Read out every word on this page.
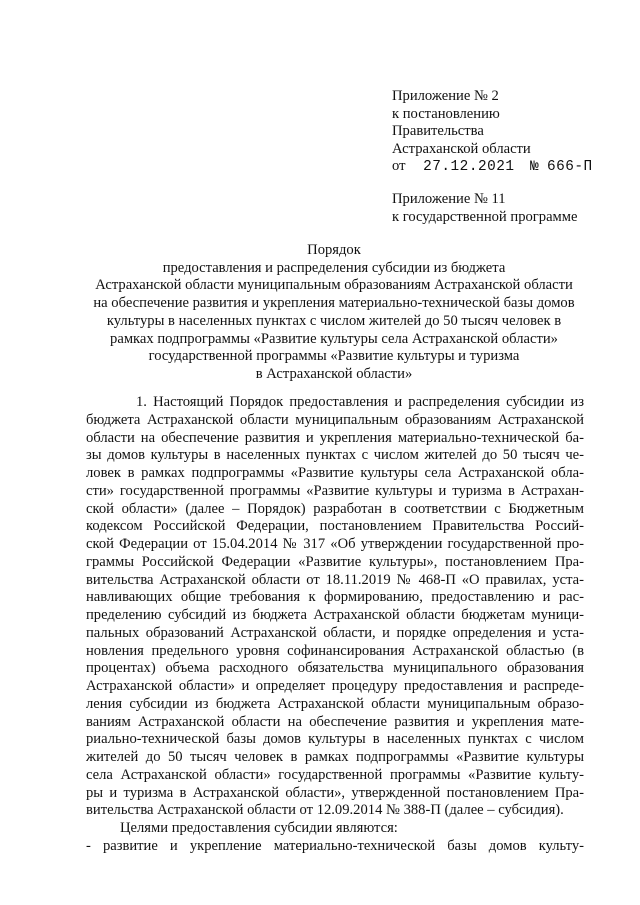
Приложение № 2
к постановлению
Правительства
Астраханской области
от 27.12.2021 № 666-П
Приложение № 11
к государственной программе
Порядок
предоставления и распределения субсидии из бюджета
Астраханской области муниципальным образованиям Астраханской области
на обеспечение развития и укрепления материально-технической базы домов
культуры в населенных пунктах с числом жителей до 50 тысяч человек в
рамках подпрограммы «Развитие культуры села Астраханской области»
государственной программы «Развитие культуры и туризма
в Астраханской области»
1. Настоящий Порядок предоставления и распределения субсидии из
бюджета Астраханской области муниципальным образованиям Астраханской
области на обеспечение развития и укрепления материально-технической ба-
зы домов культуры в населенных пунктах с числом жителей до 50 тысяч че-
ловек в рамках подпрограммы «Развитие культуры села Астраханской обла-
сти» государственной программы «Развитие культуры и туризма в Астрахан-
ской области» (далее – Порядок) разработан в соответствии с Бюджетным
кодексом Российской Федерации, постановлением Правительства Россий-
ской Федерации от 15.04.2014 № 317 «Об утверждении государственной про-
граммы Российской Федерации «Развитие культуры», постановлением Пра-
вительства Астраханской области от 18.11.2019 № 468-П «О правилах, уста-
навливающих общие требования к формированию, предоставлению и рас-
пределению субсидий из бюджета Астраханской области бюджетам муници-
пальных образований Астраханской области, и порядке определения и уста-
новления предельного уровня софинансирования Астраханской областью (в
процентах) объема расходного обязательства муниципального образования
Астраханской области» и определяет процедуру предоставления и распреде-
ления субсидии из бюджета Астраханской области муниципальным образо-
ваниям Астраханской области на обеспечение развития и укрепления мате-
риально-технической базы домов культуры в населенных пунктах с числом
жителей до 50 тысяч человек в рамках подпрограммы «Развитие культуры
села Астраханской области» государственной программы «Развитие культу-
ры и туризма в Астраханской области», утвержденной постановлением Пра-
вительства Астраханской области от 12.09.2014 № 388-П (далее – субсидия).
Целями предоставления субсидии являются:
- развитие и укрепление материально-технической базы домов культу-
